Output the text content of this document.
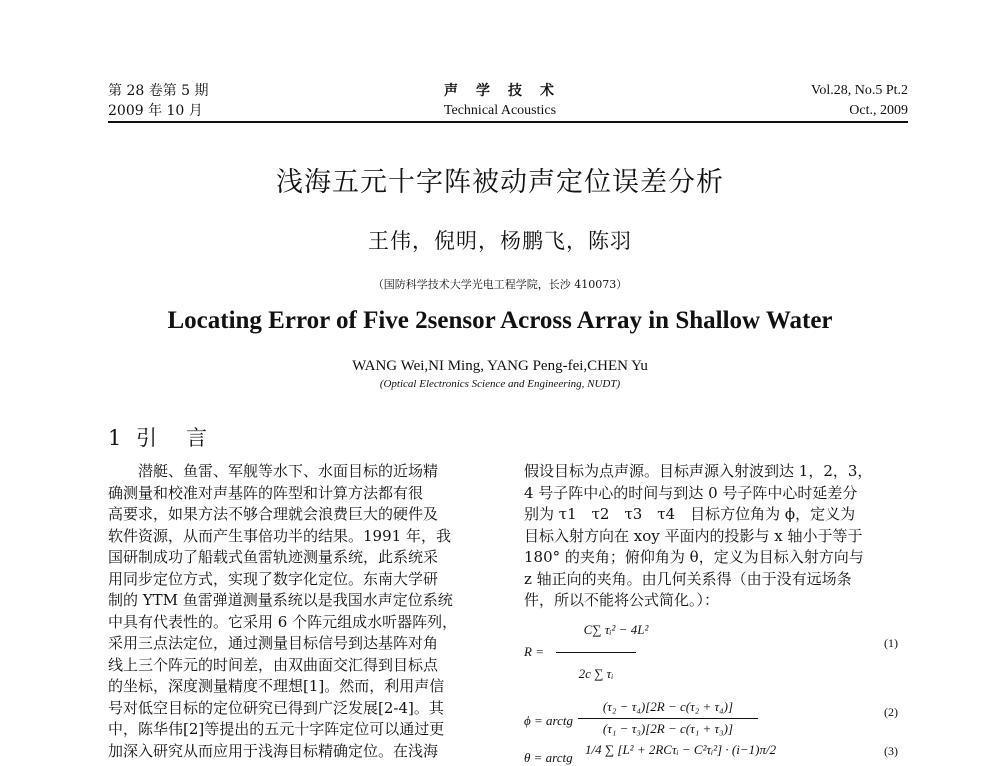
第 28 卷第 5 期
2009 年 10 月
声　学　技　术
Technical Acoustics
Vol.28, No.5 Pt.2
Oct., 2009
浅海五元十字阵被动声定位误差分析
王伟，倪明，杨鹏飞，陈羽
（国防科学技术大学光电工程学院，长沙 410073）
Locating Error of Five 2sensor Across Array in Shallow Water
WANG Wei,NI Ming, YANG Peng-fei,CHEN Yu
(Optical Electronics Science and Engineering, NUDT)
1 引　言

　　潜艇、鱼雷、军舰等水下、水面目标的近场精

确测量和校准对声基阵的阵型和计算方法都有很

高要求，如果方法不够合理就会浪费巨大的硬件及

软件资源，从而产生事倍功半的结果。1991 年，我

国研制成功了船载式鱼雷轨迹测量系统，此系统采

用同步定位方式，实现了数字化定位。东南大学研

制的 YTM 鱼雷弹道测量系统以是我国水声定位系统

中具有代表性的。它采用 6 个阵元组成水听器阵列，

采用三点法定位，通过测量目标信号到达基阵对角

线上三个阵元的时间差，由双曲面交汇得到目标点

的坐标，深度测量精度不理想[1]。然而，利用声信

号对低空目标的定位研究已得到广泛发展[2-4]。其

中，陈华伟[2]等提出的五元十字阵定位可以通过更

加深入研究从而应用于浅海目标精确定位。在浅海

假设目标为点声源。目标声源入射波到达 1，2，3，

4 号子阵中心的时间与到达 0 号子阵中心时延差分

别为 τ1　τ2　τ3　τ4　目标方位角为 ϕ，定义为

目标入射方向在 xoy 平面内的投影与 x 轴小于等于

180° 的夹角；俯仰角为 θ，定义为目标入射方向与

z 轴正向的夹角。由几何关系得（由于没有远场条

件，所以不能将公式简化。）：

R =
C∑ τᵢ² − 4L²
2c ∑ τᵢ
(1)
ϕ = arctg
(τ₂ − τ₄)[2R − c(τ₂ + τ₄)]
(τ₁ − τ₃)[2R − c(τ₁ + τ₃)]
(2)
θ = arctg
1/4 ∑ [L² + 2RCτᵢ − C²τᵢ²] · (i−1)π/2	(3)
